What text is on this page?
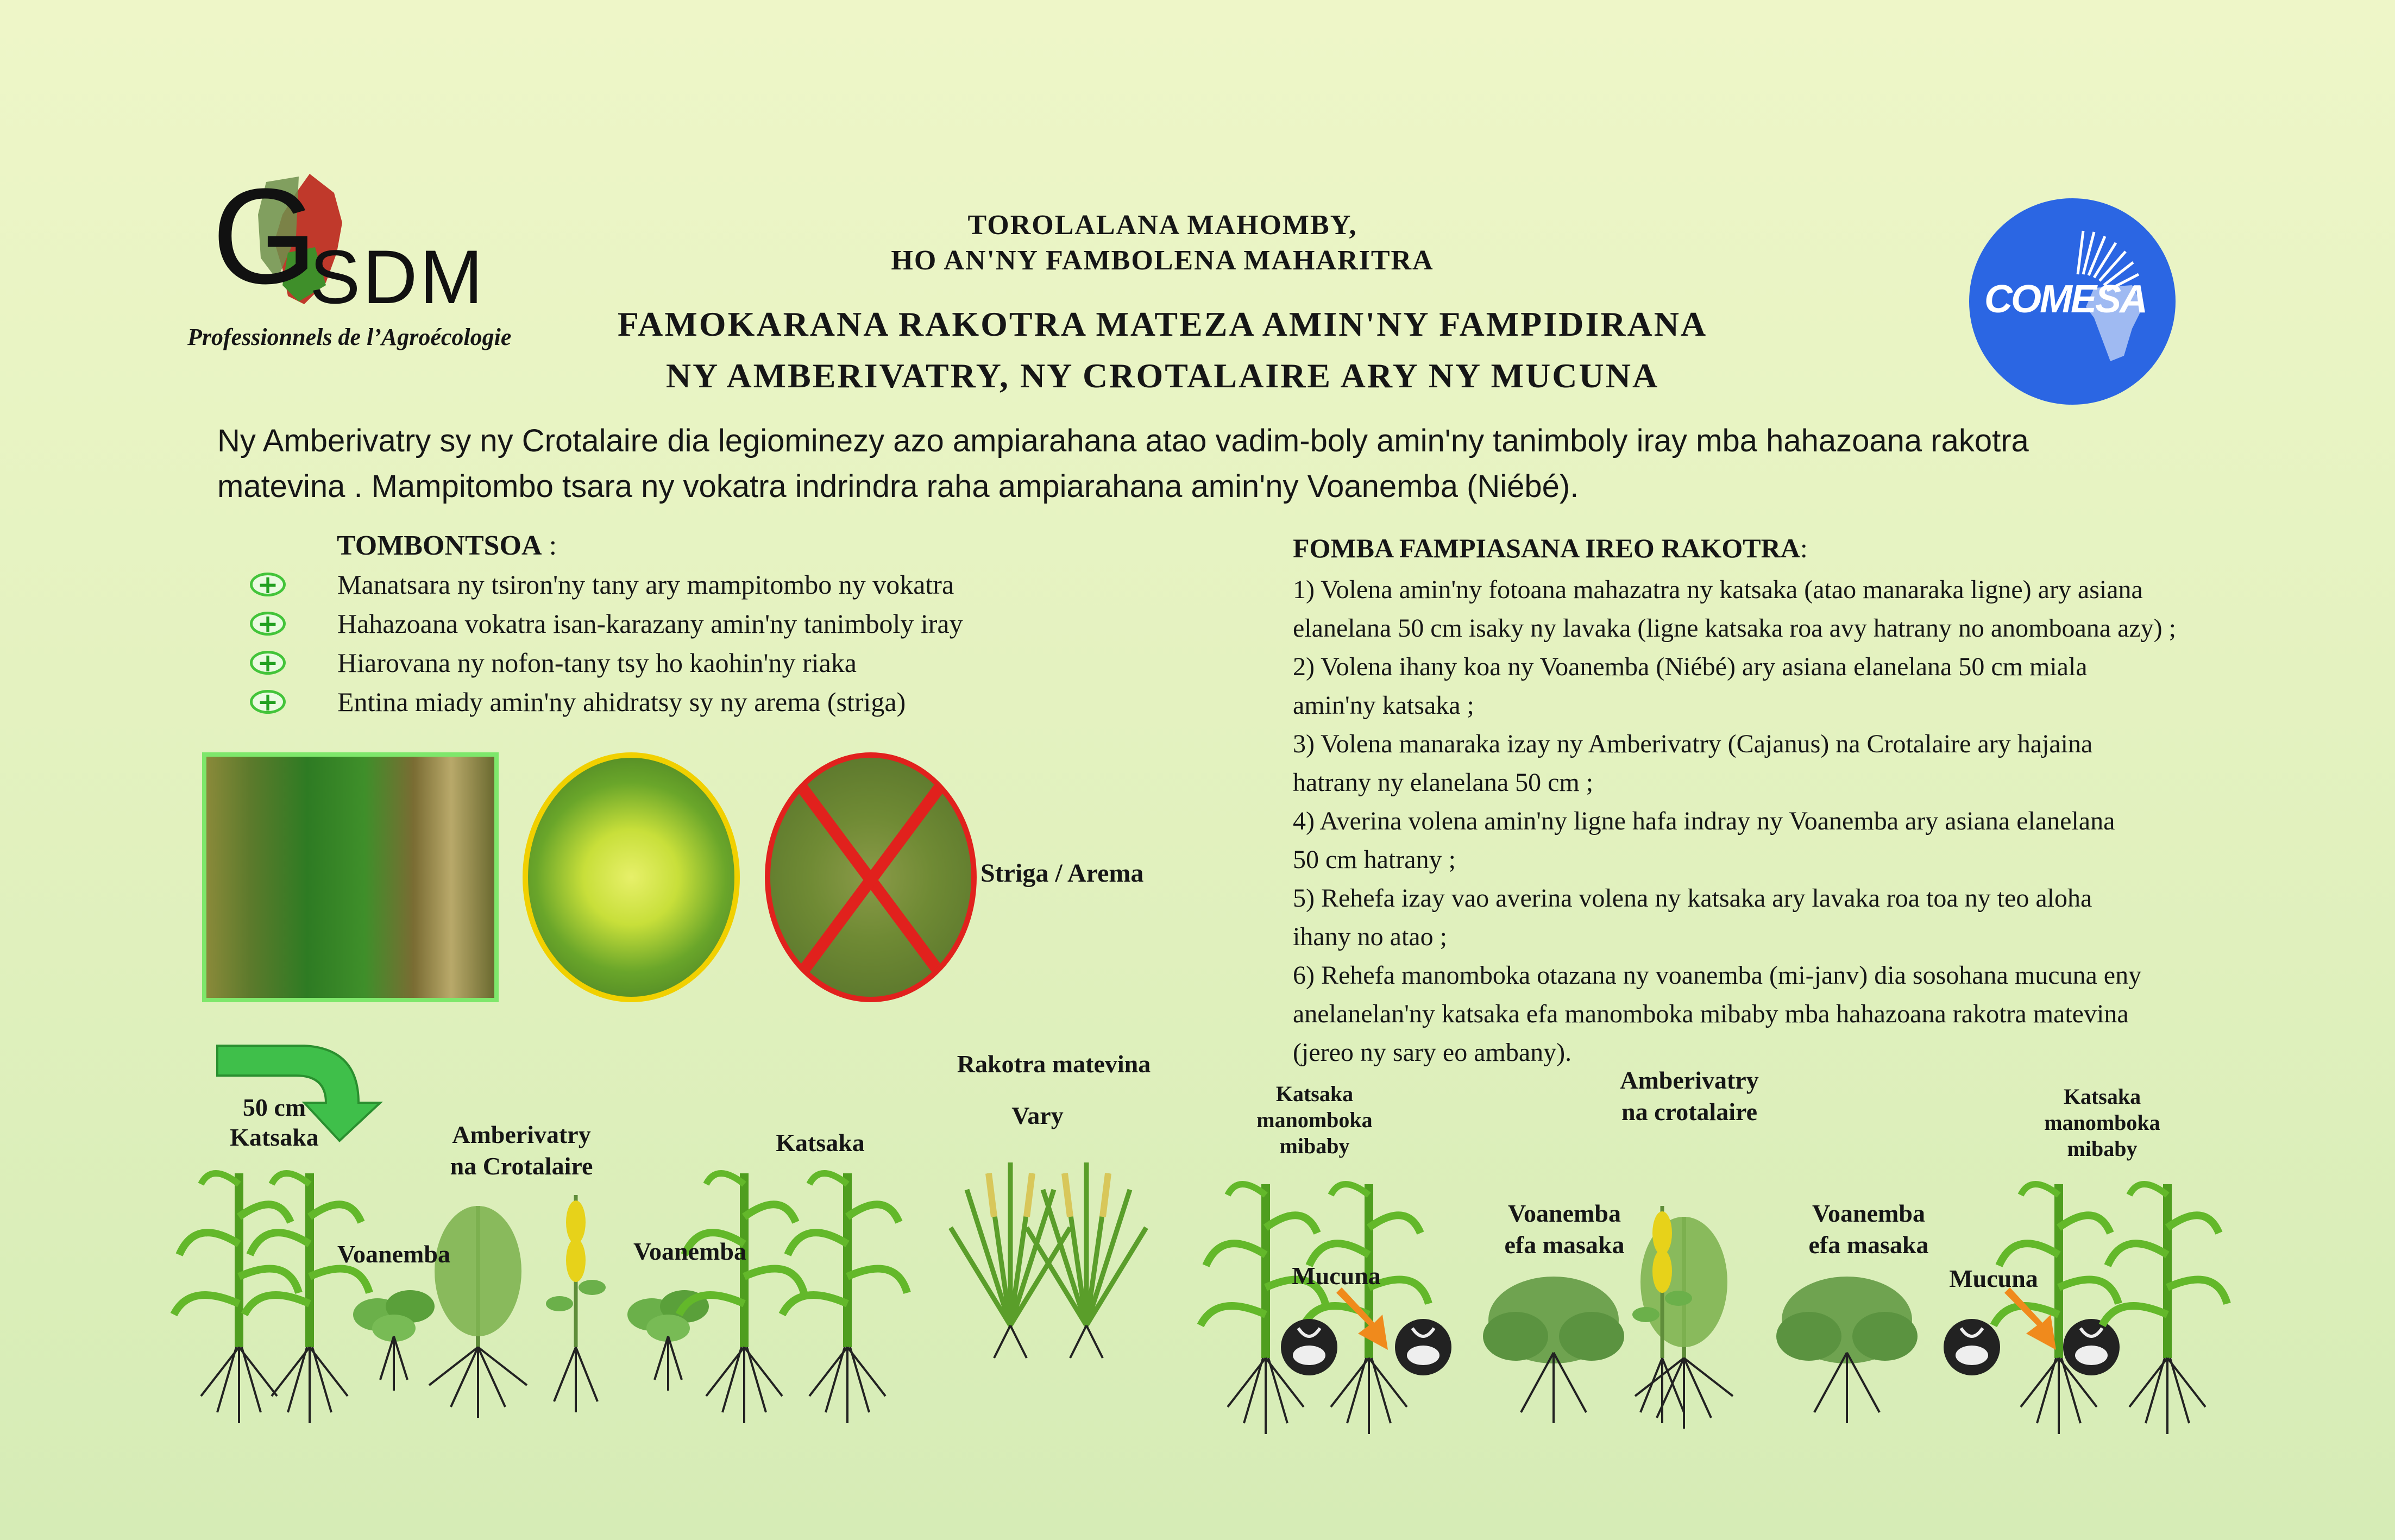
G
SDM
Professionnels de l’Agroécologie
TOROLALANA MAHOMBY,
HO AN'NY FAMBOLENA MAHARITRA
FAMOKARANA RAKOTRA MATEZA AMIN'NY FAMPIDIRANA
NY AMBERIVATRY, NY CROTALAIRE ARY NY MUCUNA
COMESA
Ny Amberivatry sy ny Crotalaire dia legiominezy azo ampiarahana atao vadim-boly amin'ny tanimboly iray mba hahazoana rakotra
matevina . Mampitombo tsara ny vokatra indrindra raha ampiarahana amin'ny Voanemba (Niébé).
TOMBONTSOA :
+ Manatsara ny tsiron'ny tany ary mampitombo ny vokatra
+ Hahazoana vokatra isan-karazany amin'ny tanimboly iray
+ Hiarovana ny nofon-tany tsy ho kaohin'ny riaka
+ Entina miady amin'ny ahidratsy sy ny arema (striga)
Striga / Arema
FOMBA FAMPIASANA IREO RAKOTRA:
1) Volena amin'ny fotoana mahazatra ny katsaka (atao manaraka ligne) ary asiana
elanelana 50 cm isaky ny lavaka (ligne katsaka roa avy hatrany no anomboana azy) ;
2) Volena ihany koa ny Voanemba (Niébé) ary asiana elanelana 50 cm miala
amin'ny katsaka ;
3) Volena manaraka izay ny Amberivatry (Cajanus) na Crotalaire ary hajaina
hatrany ny elanelana 50 cm ;
4) Averina volena amin'ny ligne hafa indray ny Voanemba ary asiana elanelana
50 cm hatrany ;
5) Rehefa izay vao averina volena ny katsaka ary lavaka roa toa ny teo aloha
ihany no atao ;
6) Rehefa manomboka otazana ny voanemba (mi-janv) dia sosohana mucuna eny
anelanelan'ny katsaka efa manomboka mibaby mba hahazoana rakotra matevina
(jereo ny sary eo ambany).
50 cm
Katsaka
Voanemba
Amberivatry
na Crotalaire
Voanemba
Katsaka
Rakotra matevina
Vary
Katsaka
manomboka
mibaby
Mucuna
Amberivatry
na crotalaire
Voanemba
efa masaka
Voanemba
efa masaka
Mucuna
Katsaka
manomboka
mibaby
